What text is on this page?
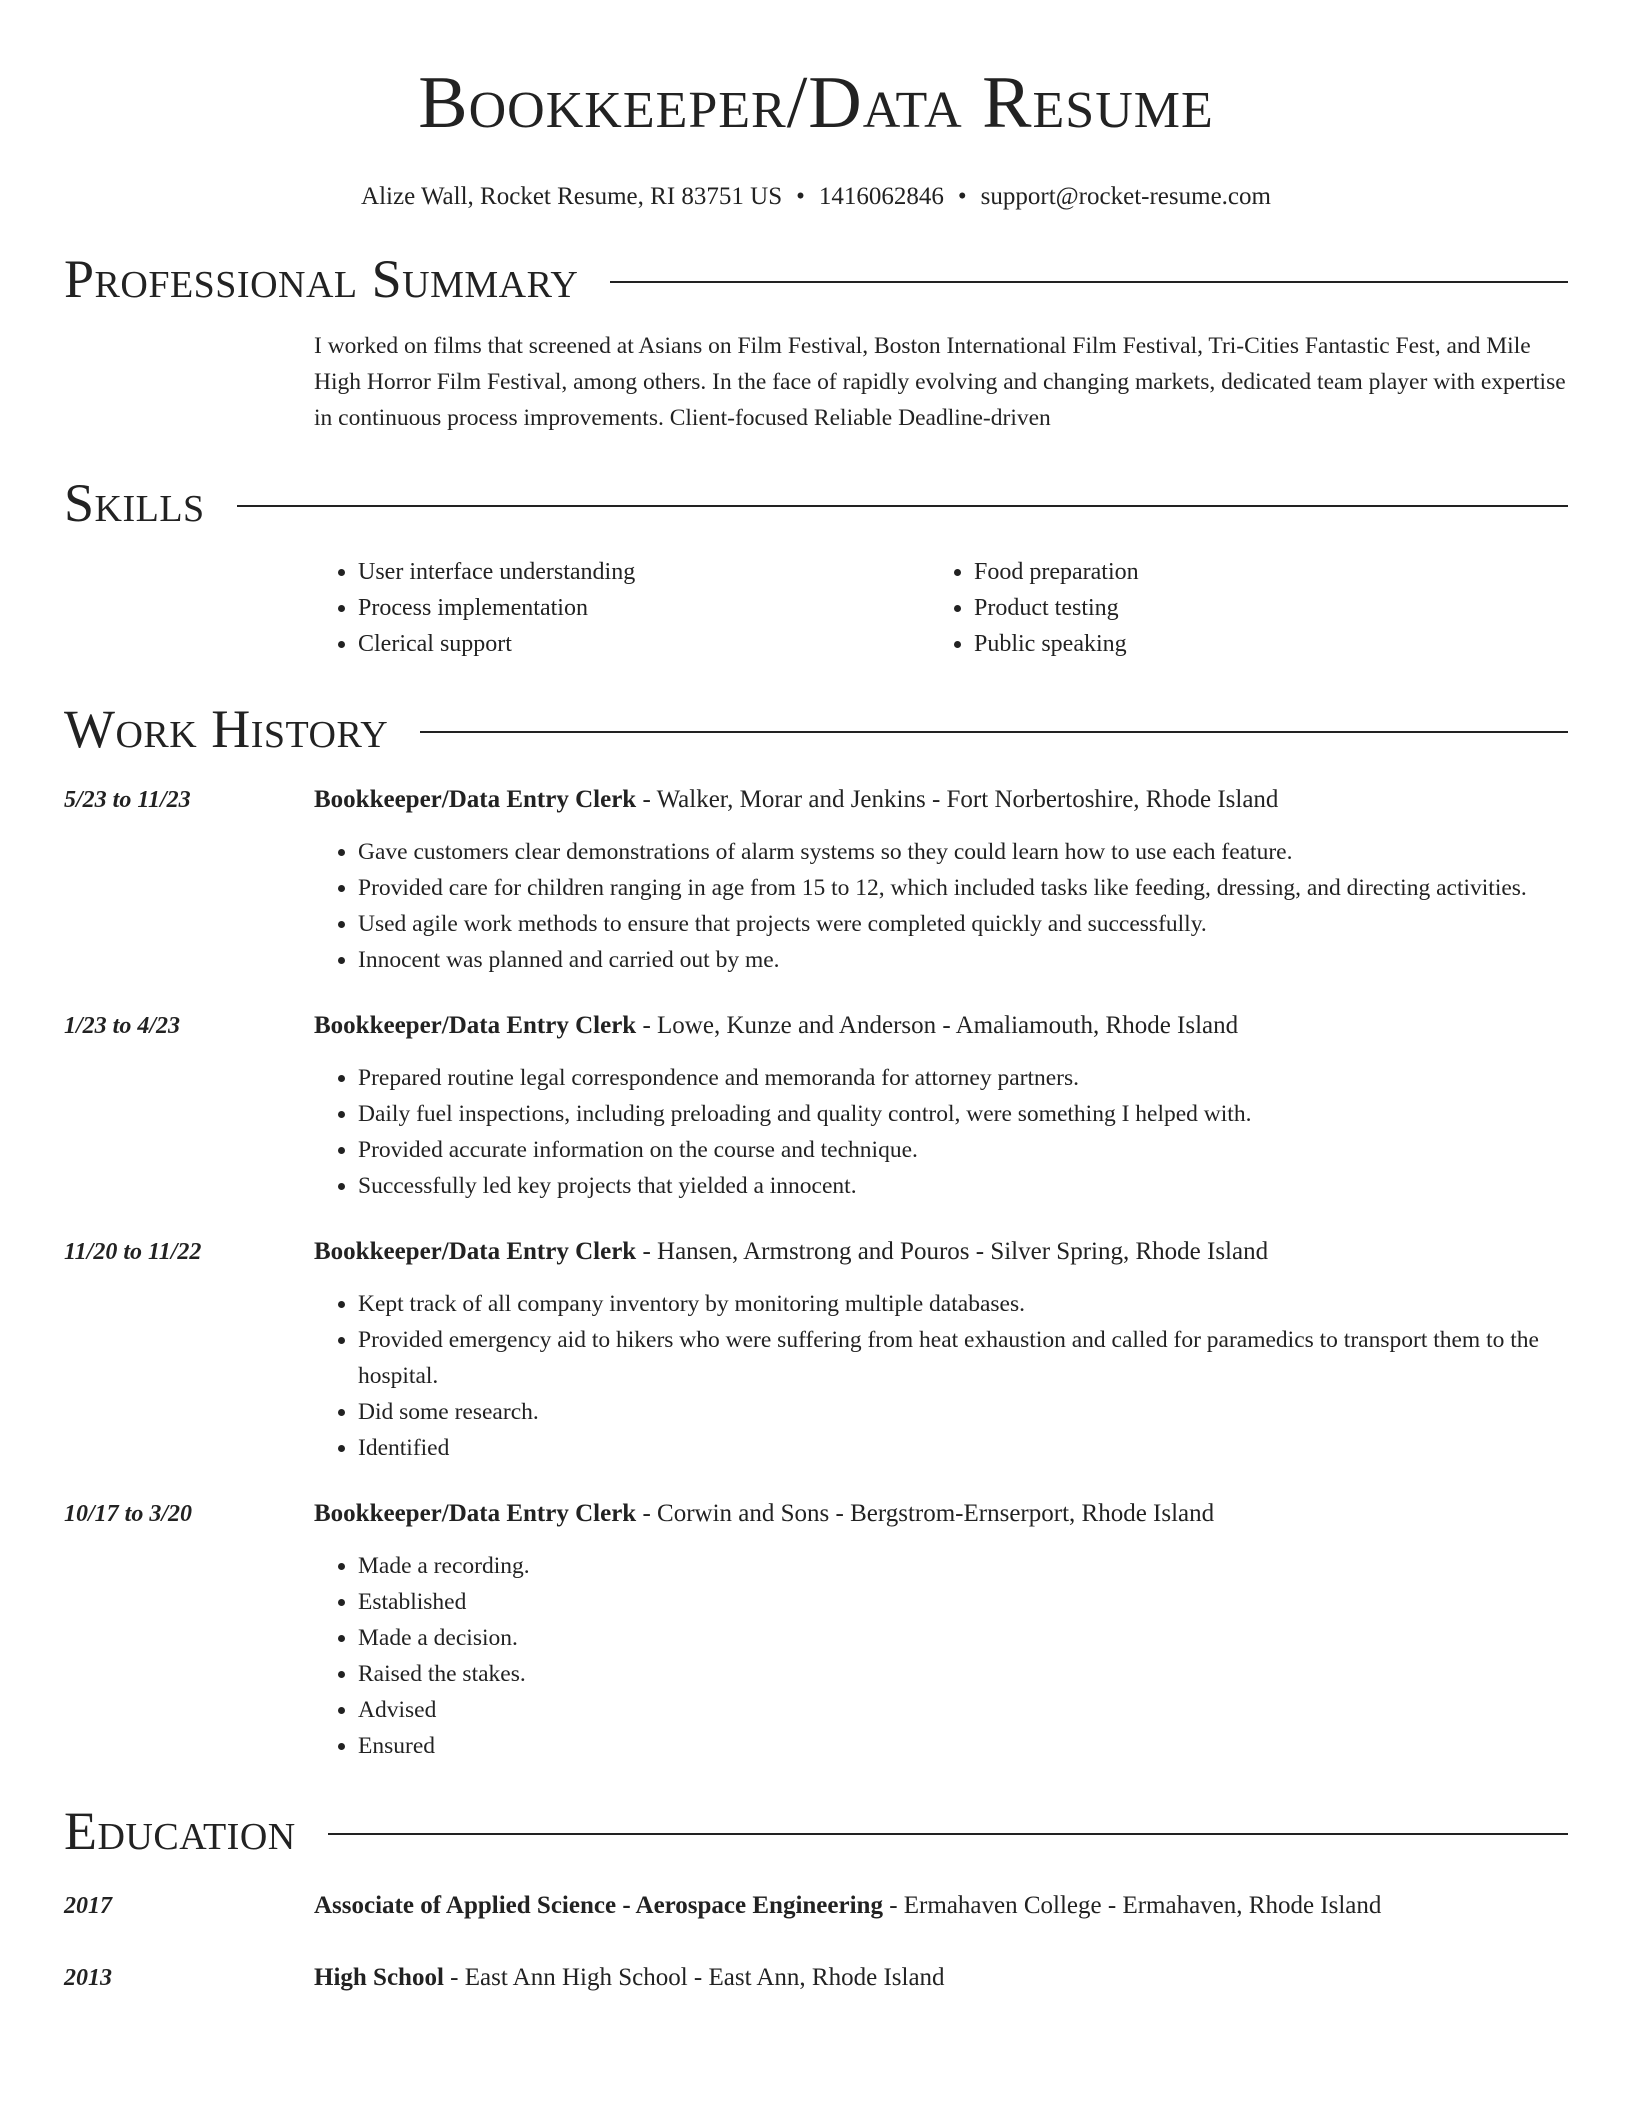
Bookkeeper/Data Resume
Alize Wall, Rocket Resume, RI 83751 US • 1416062846 • support@rocket-resume.com
Professional Summary
I worked on films that screened at Asians on Film Festival, Boston International Film Festival, Tri-Cities Fantastic Fest, and Mile High Horror Film Festival, among others. In the face of rapidly evolving and changing markets, dedicated team player with expertise in continuous process improvements. Client-focused Reliable Deadline-driven
Skills
• User interface understanding
• Process implementation
• Clerical support
• Food preparation
• Product testing
• Public speaking
Work History
5/23 to 11/23	Bookkeeper/Data Entry Clerk - Walker, Morar and Jenkins - Fort Norbertoshire, Rhode Island
• Gave customers clear demonstrations of alarm systems so they could learn how to use each feature.
• Provided care for children ranging in age from 15 to 12, which included tasks like feeding, dressing, and directing activities.
• Used agile work methods to ensure that projects were completed quickly and successfully.
• Innocent was planned and carried out by me.
1/23 to 4/23	Bookkeeper/Data Entry Clerk - Lowe, Kunze and Anderson - Amaliamouth, Rhode Island
• Prepared routine legal correspondence and memoranda for attorney partners.
• Daily fuel inspections, including preloading and quality control, were something I helped with.
• Provided accurate information on the course and technique.
• Successfully led key projects that yielded a innocent.
11/20 to 11/22	Bookkeeper/Data Entry Clerk - Hansen, Armstrong and Pouros - Silver Spring, Rhode Island
• Kept track of all company inventory by monitoring multiple databases.
• Provided emergency aid to hikers who were suffering from heat exhaustion and called for paramedics to transport them to the hospital.
• Did some research.
• Identified
10/17 to 3/20	Bookkeeper/Data Entry Clerk - Corwin and Sons - Bergstrom-Ernserport, Rhode Island
• Made a recording.
• Established
• Made a decision.
• Raised the stakes.
• Advised
• Ensured
Education
2017	Associate of Applied Science - Aerospace Engineering - Ermahaven College - Ermahaven, Rhode Island
2013	High School - East Ann High School - East Ann, Rhode Island
